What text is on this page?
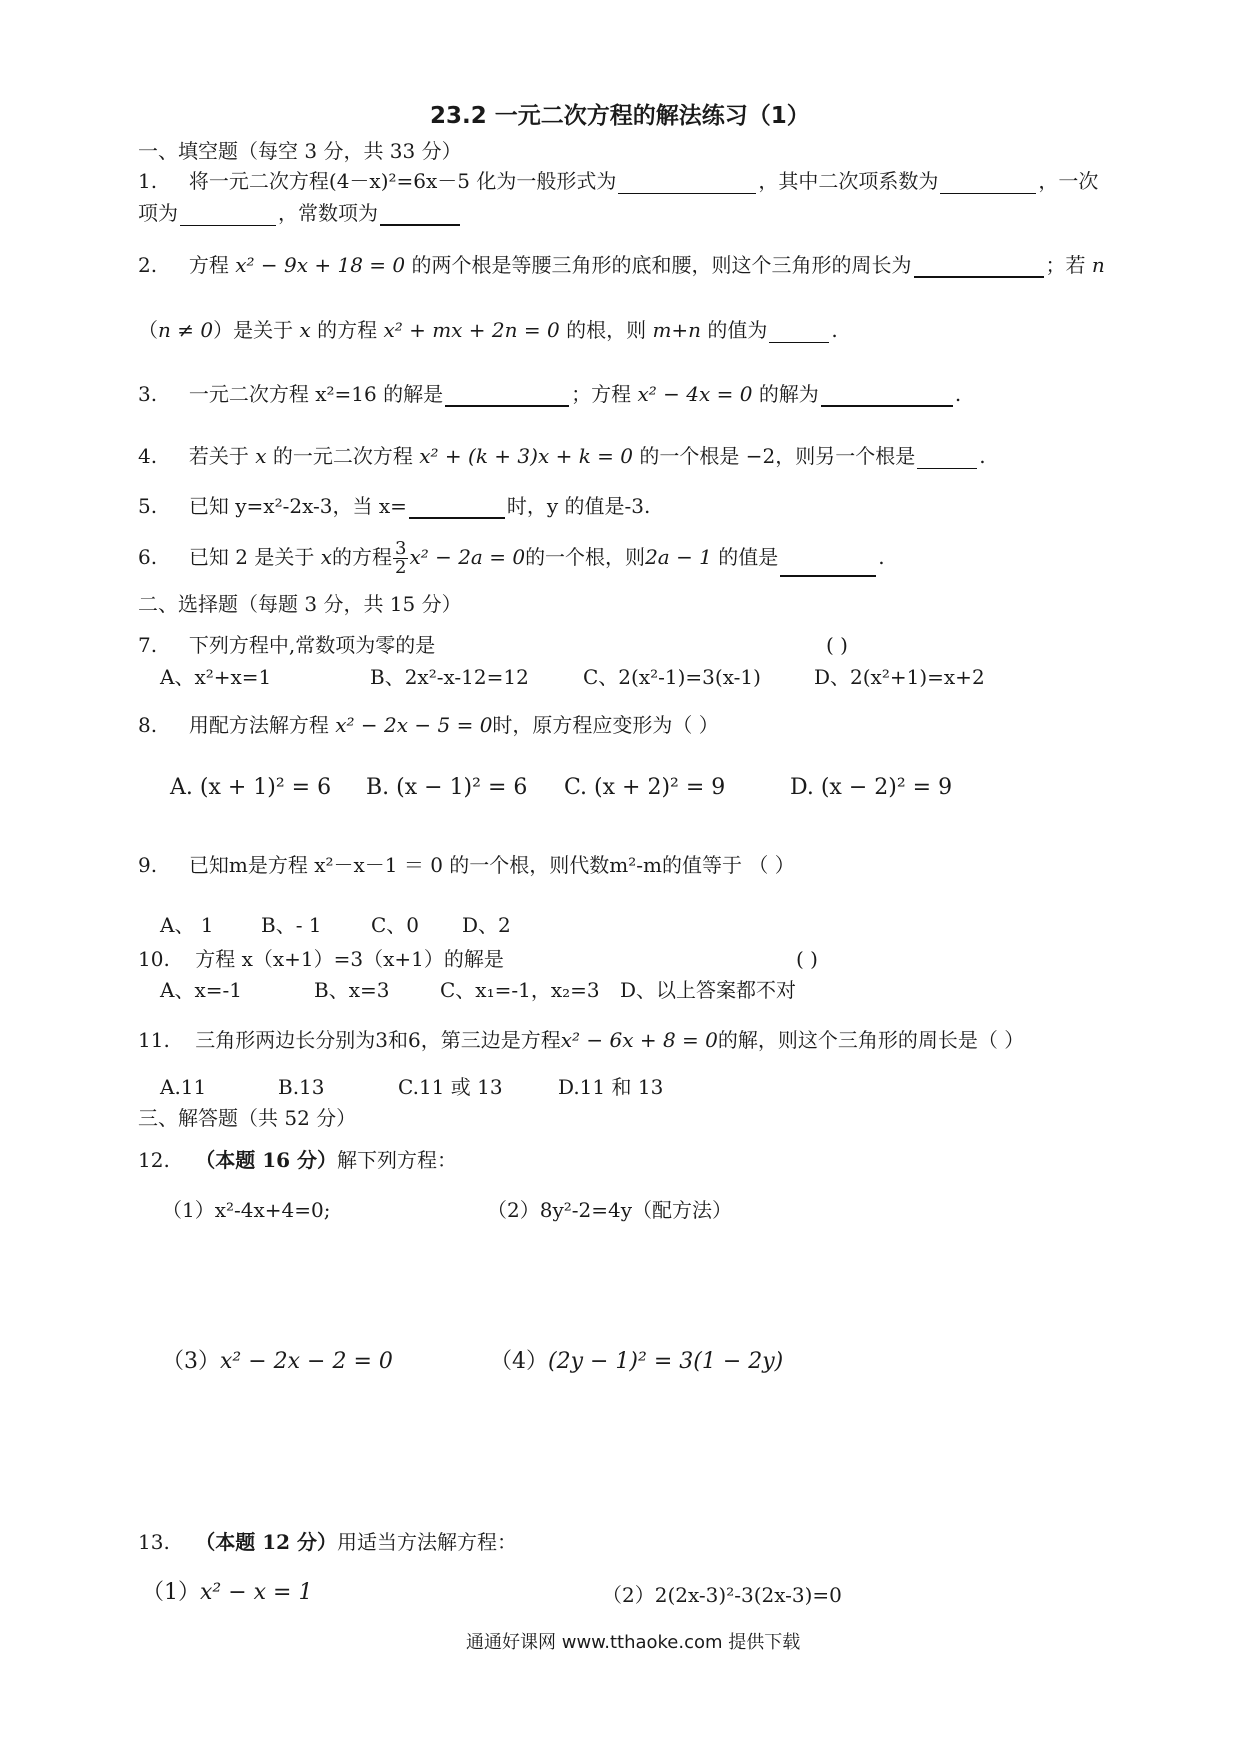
23.2 一元二次方程的解法练习（1）
一、填空题（每空 3 分，共 33 分）
1. 将一元二次方程(4－x)²=6x－5 化为一般形式为	，其中二次项系数为	，一次
项为	，常数项为
2. 方程 x² − 9x + 18 = 0 的两个根是等腰三角形的底和腰，则这个三角形的周长为	；若 n
（n ≠ 0）是关于 x 的方程 x² + mx + 2n = 0 的根，则 m+n 的值为	.
3. 一元二次方程 x²=16 的解是	；方程 x² − 4x = 0 的解为	.
4. 若关于 x 的一元二次方程 x² + (k + 3)x + k = 0 的一个根是 −2，则另一个根是	.
5. 已知 y=x²-2x-3，当 x=	时，y 的值是-3.
6. 已知 2 是关于 x的方程 $\frac{3}{2} x^2 - 2a = 0$的一个根，则2a − 1 的值是	.
二、选择题（每题 3 分，共 15 分）
7. 下列方程中,常数项为零的是	( )
A、x²+x=1	B、2x²-x-12=12	C、2(x²-1)=3(x-1)	D、2(x²+1)=x+2
8. 用配方法解方程 x² − 2x − 5 = 0时，原方程应变形为（ ）
A. (x + 1)² = 6 B. (x − 1)² = 6 C. (x + 2)² = 9	D. (x − 2)² = 9
9. 已知m是方程 x²－x－1 ＝ 0 的一个根，则代数m²-m的值等于 （ ）
A、 1 B、- 1 C、0 D、2
10. 方程 x（x+1）=3（x+1）的解是	( )
A、x=-1	B、x=3	C、x₁=-1，x₂=3 D、以上答案都不对
11. 三角形两边长分别为3和6，第三边是方程x² − 6x + 8 = 0的解，则这个三角形的周长是（ ）
A.11	B.13	C.11 或 13	D.11 和 13
三、解答题（共 52 分）
12. （本题 16 分）解下列方程：
（1）x²-4x+4=0;	（2）8y²-2=4y（配方法）
（3）x² − 2x − 2 = 0	（4）(2y − 1)² = 3(1 − 2y)
13. （本题 12 分）用适当方法解方程：
（1）x² − x = 1	（2）2(2x-3)²-3(2x-3)=0
通通好课网 www.tthaoke.com 提供下载
